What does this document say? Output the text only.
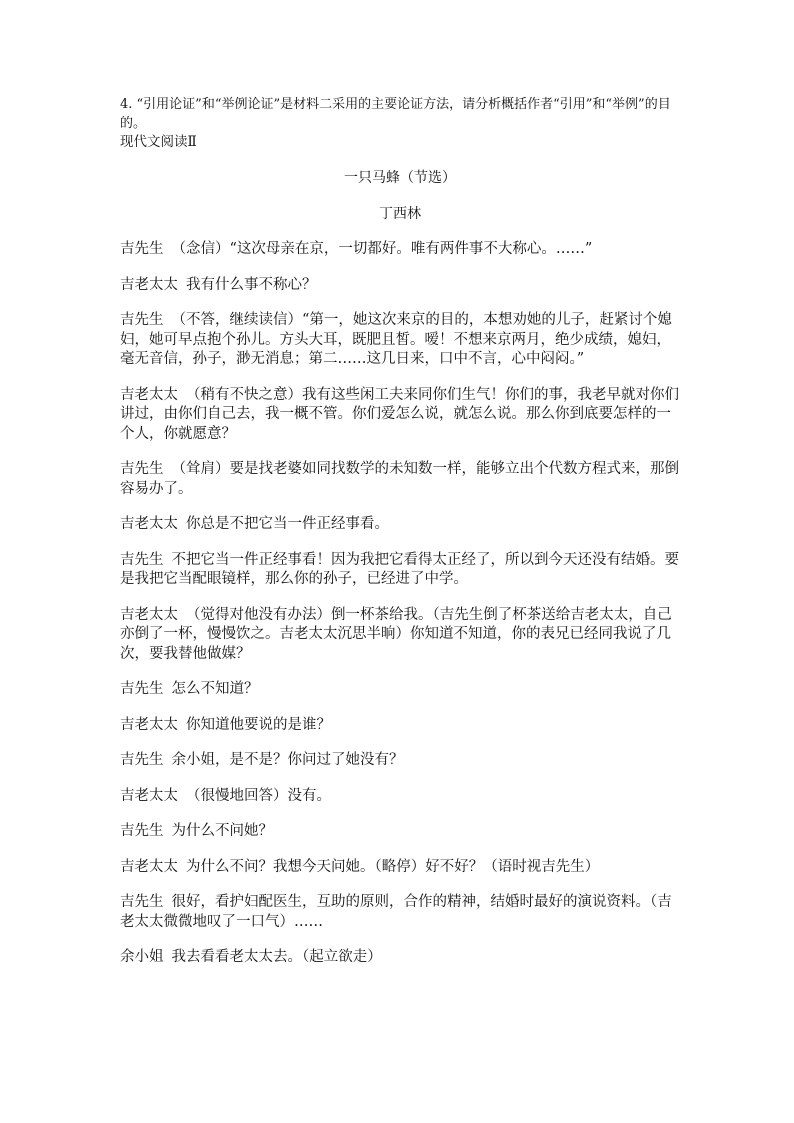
4. “引用论证”和“举例论证”是材料二采用的主要论证方法，请分析概括作者“引用”和“举例”的目的。

现代文阅读Ⅱ

一只马蜂（节选）

丁西林

吉先生 （念信）“这次母亲在京，一切都好。唯有两件事不大称心。……”

吉老太太 我有什么事不称心？

吉先生 （不答，继续读信）“第一，她这次来京的目的，本想劝她的儿子，赶紧讨个媳妇，她可早点抱个孙儿。方头大耳，既肥且皙。嗳！不想来京两月，绝少成绩，媳妇，毫无音信，孙子，渺无消息；第二……这几日来，口中不言，心中闷闷。”

吉老太太 （稍有不快之意）我有这些闲工夫来同你们生气！你们的事，我老早就对你们讲过，由你们自己去，我一概不管。你们爱怎么说，就怎么说。那么你到底要怎样的一个人，你就愿意？

吉先生 （耸肩）要是找老婆如同找数学的未知数一样，能够立出个代数方程式来，那倒容易办了。

吉老太太 你总是不把它当一件正经事看。

吉先生 不把它当一件正经事看！因为我把它看得太正经了，所以到今天还没有结婚。要是我把它当配眼镜样，那么你的孙子，已经进了中学。

吉老太太 （觉得对他没有办法）倒一杯茶给我。（吉先生倒了杯茶送给吉老太太，自己亦倒了一杯，慢慢饮之。吉老太太沉思半晌）你知道不知道，你的表兄已经同我说了几次，要我替他做媒？

吉先生 怎么不知道？

吉老太太 你知道他要说的是谁？

吉先生 余小姐，是不是？你问过了她没有？

吉老太太 （很慢地回答）没有。

吉先生 为什么不问她？

吉老太太 为什么不问？我想今天问她。（略停）好不好？（语时视吉先生）

吉先生 很好，看护妇配医生，互助的原则，合作的精神，结婚时最好的演说资料。（吉老太太微微地叹了一口气）……

余小姐 我去看看老太太去。（起立欲走）
